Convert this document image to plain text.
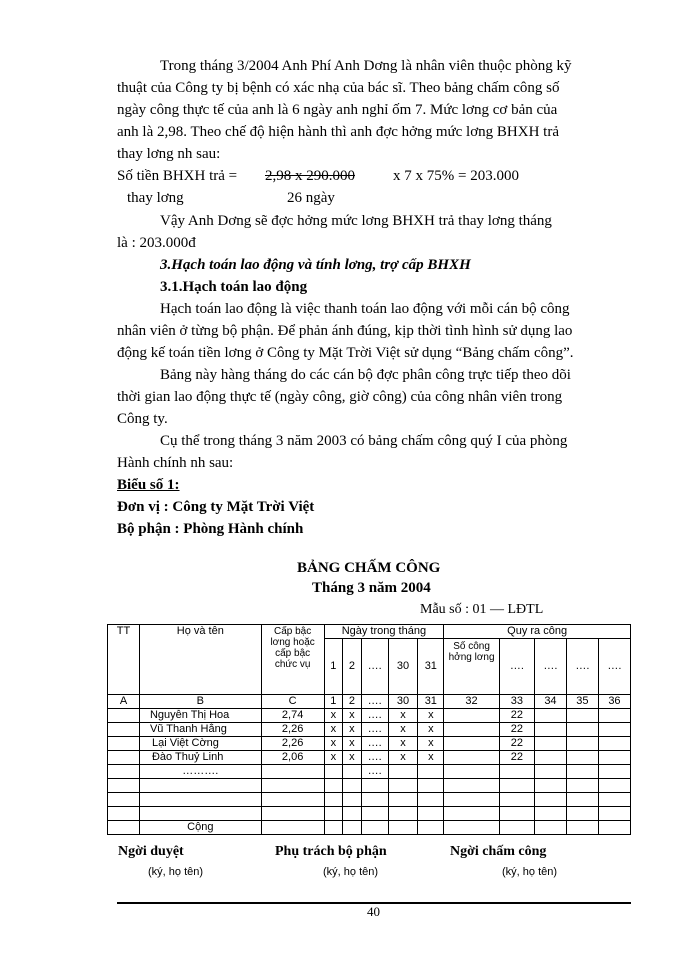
Trong tháng 3/2004 Anh Phí Anh Dơng là nhân viên thuộc phòng kỹ
thuật của Công ty bị bệnh có xác nhạ của bác sĩ. Theo bảng chấm công số
ngày công thực tế của anh là 6 ngày anh nghỉ ốm 7. Mức lơng cơ bản của
anh là 2,98. Theo chế độ hiện hành thì anh đợc hởng mức lơng BHXH trả
thay lơng nh sau:
Số tiền BHXH trả = 2,98 x 290.000	x 7 x 75% = 203.000
thay lơng	26 ngày
Vậy Anh Dơng sẽ đợc hởng mức lơng BHXH trả thay lơng tháng
là : 203.000đ
3.Hạch toán lao động và tính lơng, trợ cấp BHXH
3.1.Hạch toán lao động
Hạch toán lao động là việc thanh toán lao động với mỗi cán bộ công
nhân viên ở từng bộ phận. Để phản ánh đúng, kịp thời tình hình sử dụng lao
động kế toán tiền lơng ở Công ty Mặt Trời Việt sử dụng “Bảng chấm công”.
Bảng này hàng tháng do các cán bộ đợc phân công trực tiếp theo dõi
thời gian lao động thực tế (ngày công, giờ công) của công nhân viên trong
Công ty.
Cụ thể trong tháng 3 năm 2003 có bảng chấm công quý I của phòng
Hành chính nh sau:
Biểu số 1:
Đơn vị : Công ty Mặt Trời Việt
Bộ phận : Phòng Hành chính
BẢNG CHẤM CÔNG
Tháng 3 năm 2004
Mẫu số : 01 — LĐTL
TT	Họ và tên	Cấp bậc lơng hoặc cấp bậc chức vụ	Ngày trong tháng					Quy ra công				
			1	2	….	30	31	Số công hởng lơng	….	….	….	….
A	B	C	1	2	….	30	31	32	33	34	35	36
	Nguyễn Thị Hoa	2,74	x	x	….	x	x		22			
	Vũ Thanh Hằng	2,26	x	x	….	x	x		22			
	Lại Việt Cờng	2,26	x	x	….	x	x		22			
	Đào Thuỷ Linh	2,06	x	x	….	x	x		22			
	……….				….							

	Cộng											
Ngời duyệt
(ký, họ tên)
Phụ trách bộ phận
(ký, họ tên)
Ngời chấm công
(ký, họ tên)
40
